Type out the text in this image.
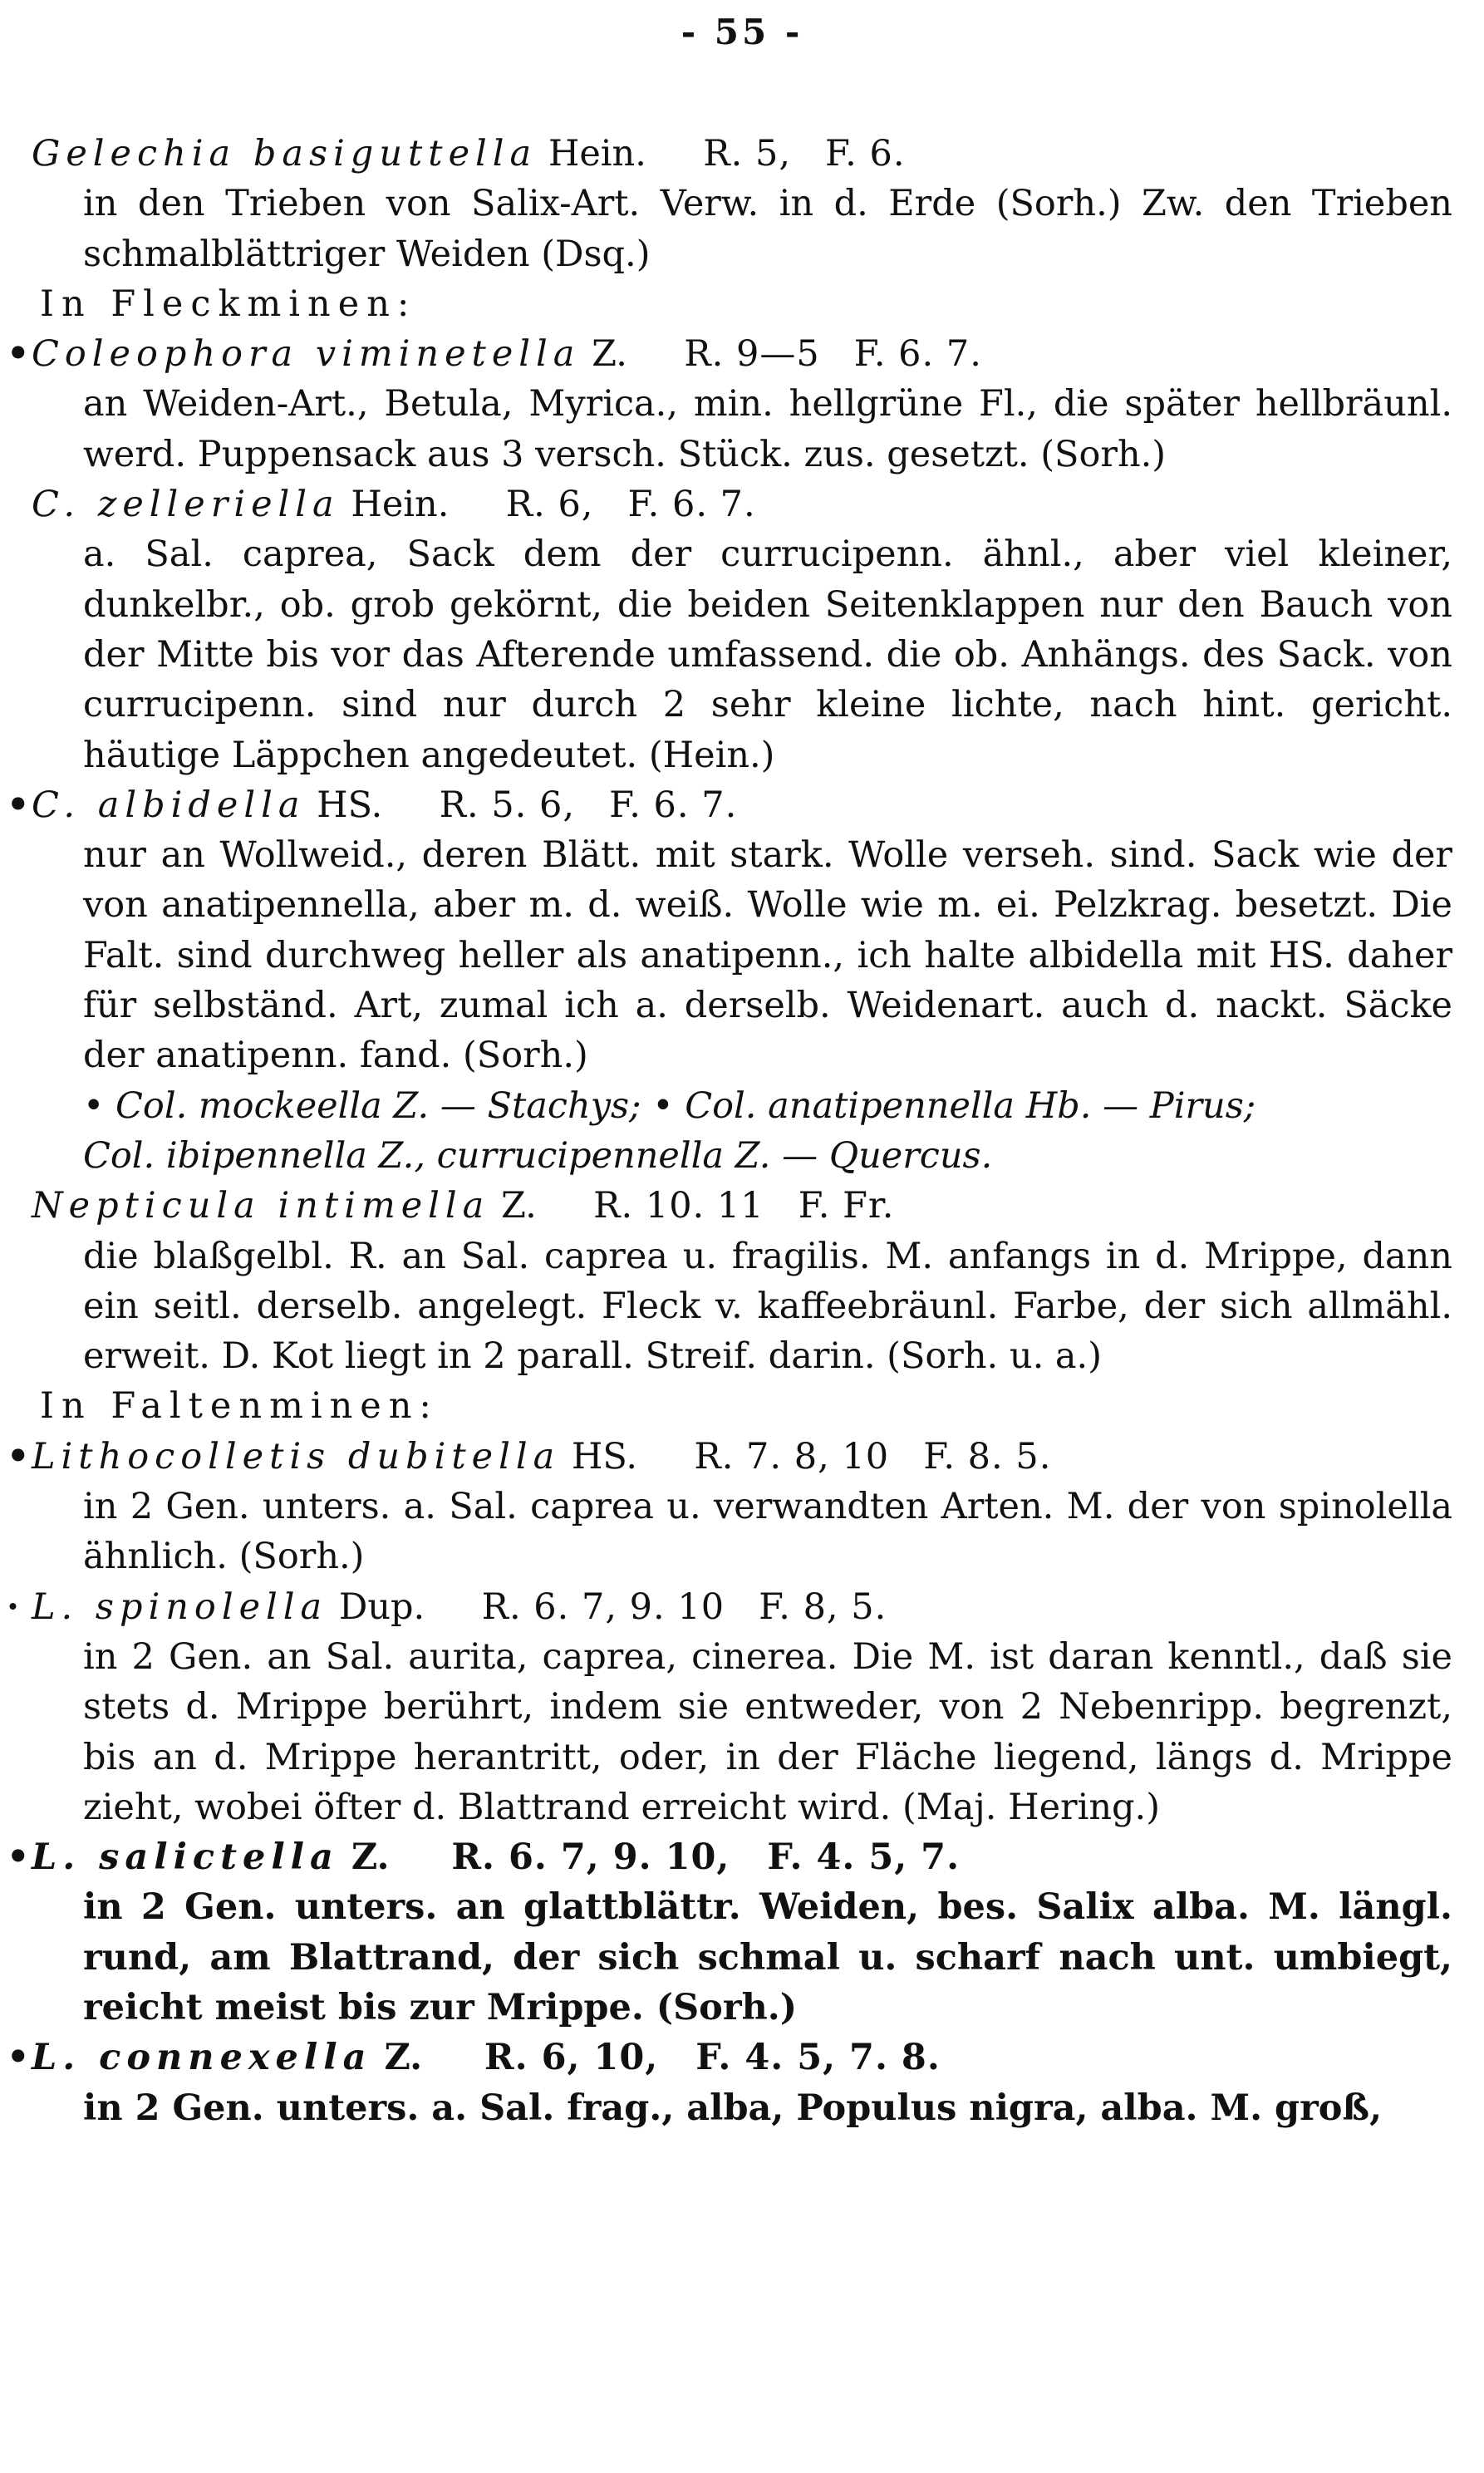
- 55 -
Gelechia basiguttella Hein. R. 5, F. 6.
in den Trieben von Salix-Art. Verw. in d. Erde (Sorh.) Zw. den Trieben schmalblättriger Weiden (Dsq.)
In Fleckminen:
• Coleophora viminetella Z. R. 9—5 F. 6. 7.
an Weiden-Art., Betula, Myrica., min. hellgrüne Fl., die später hellbräunl. werd. Puppensack aus 3 versch. Stück. zus. gesetzt. (Sorh.)
C. zelleriella Hein. R. 6, F. 6. 7.
a. Sal. caprea, Sack dem der currucipenn. ähnl., aber viel kleiner, dunkelbr., ob. grob gekörnt, die beiden Seitenklappen nur den Bauch von der Mitte bis vor das Afterende umfassend. die ob. Anhängs. des Sack. von currucipenn. sind nur durch 2 sehr kleine lichte, nach hint. gericht. häutige Läppchen angedeutet. (Hein.)
• C. albidella HS. R. 5. 6, F. 6. 7.
nur an Wollweid., deren Blätt. mit stark. Wolle verseh. sind. Sack wie der von anatipennella, aber m. d. weiß. Wolle wie m. ei. Pelzkrag. besetzt. Die Falt. sind durchweg heller als anatipenn., ich halte albidella mit HS. daher für selbständ. Art, zumal ich a. derselb. Weidenart. auch d. nackt. Säcke der anatipenn. fand. (Sorh.)
• Col. mockeella Z. — Stachys; • Col. anatipennella Hb. — Pirus;
Col. ibipennella Z., currucipennella Z. — Quercus.
Nepticula intimella Z. R. 10. 11 F. Fr.
die blaßgelbl. R. an Sal. caprea u. fragilis. M. anfangs in d. Mrippe, dann ein seitl. derselb. angelegt. Fleck v. kaffeebräunl. Farbe, der sich allmähl. erweit. D. Kot liegt in 2 parall. Streif. darin. (Sorh. u. a.)
In Faltenminen:
• Lithocolletis dubitella HS. R. 7. 8, 10 F. 8. 5.
in 2 Gen. unters. a. Sal. caprea u. verwandten Arten. M. der von spinolella ähnlich. (Sorh.)
· L. spinolella Dup. R. 6. 7, 9. 10 F. 8, 5.
in 2 Gen. an Sal. aurita, caprea, cinerea. Die M. ist daran kenntl., daß sie stets d. Mrippe berührt, indem sie entweder, von 2 Nebenripp. begrenzt, bis an d. Mrippe herantritt, oder, in der Fläche liegend, längs d. Mrippe zieht, wobei öfter d. Blattrand erreicht wird. (Maj. Hering.)
• L. salictella Z. R. 6. 7, 9. 10, F. 4. 5, 7.
in 2 Gen. unters. an glattblättr. Weiden, bes. Salix alba. M. längl. rund, am Blattrand, der sich schmal u. scharf nach unt. umbiegt, reicht meist bis zur Mrippe. (Sorh.)
• L. connexella Z. R. 6, 10, F. 4. 5, 7. 8.
in 2 Gen. unters. a. Sal. frag., alba, Populus nigra, alba. M. groß,
